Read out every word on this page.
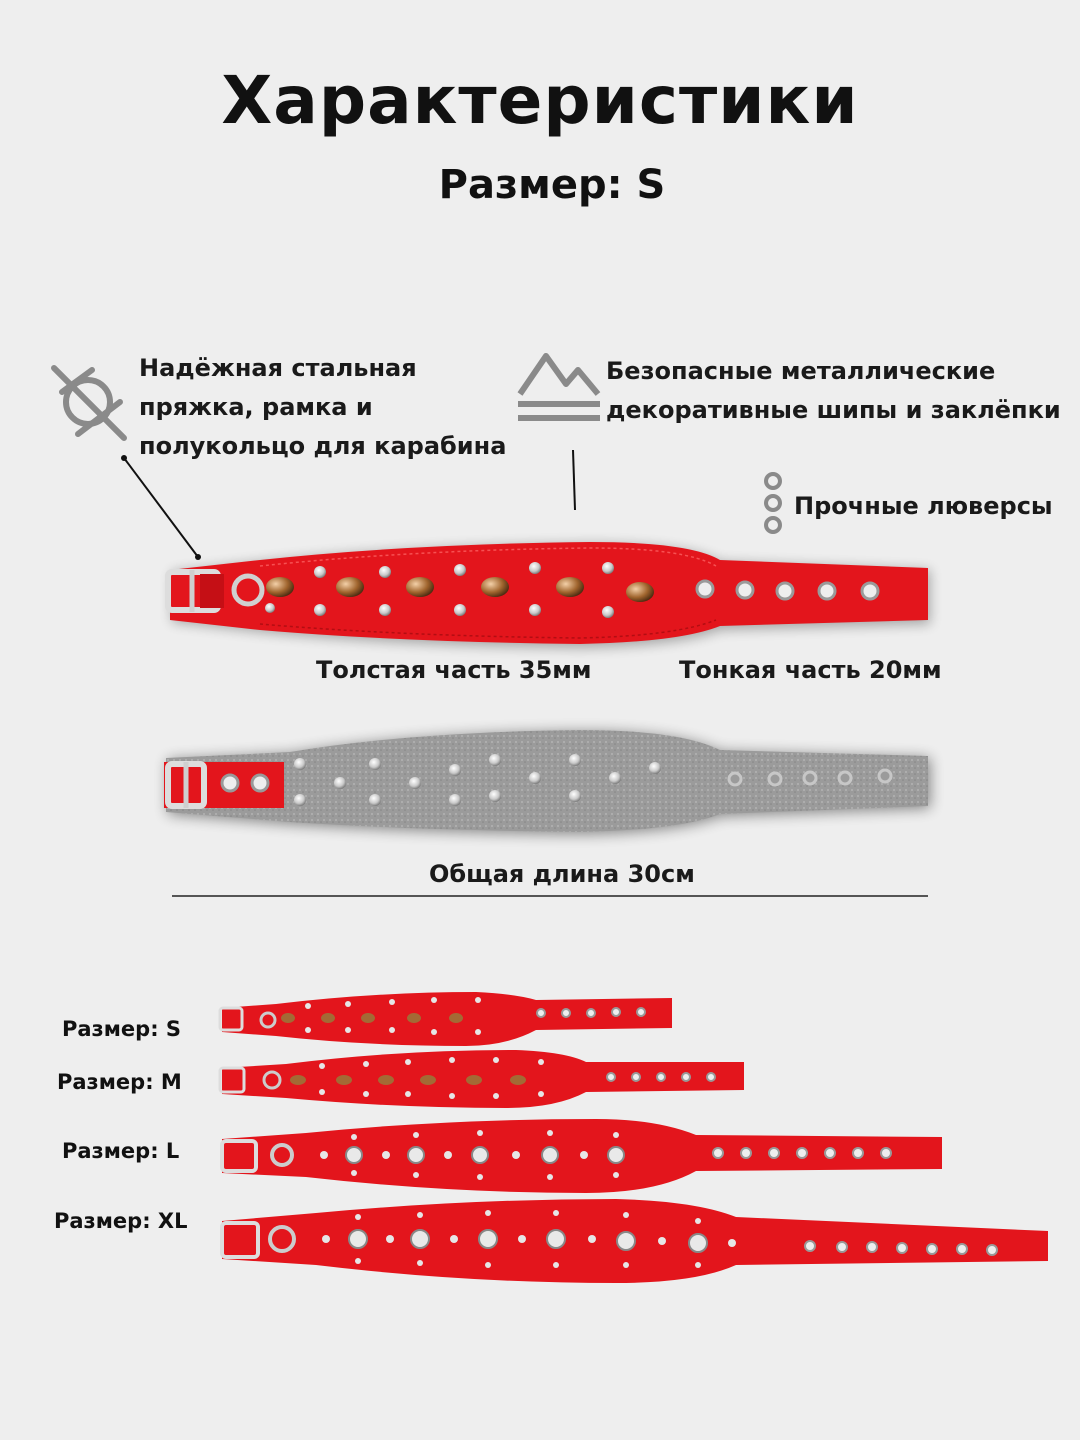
Характеристики
Размер: S
Надёжная стальная
пряжка, рамка и
полукольцо для карабина
Безопасные металлические
декоративные шипы и заклёпки
Прочные люверсы
Толстая часть 35мм	Тонкая часть 20мм
Общая длина 30см
Размер: S
Размер: M
Размер: L
Размер: XL
